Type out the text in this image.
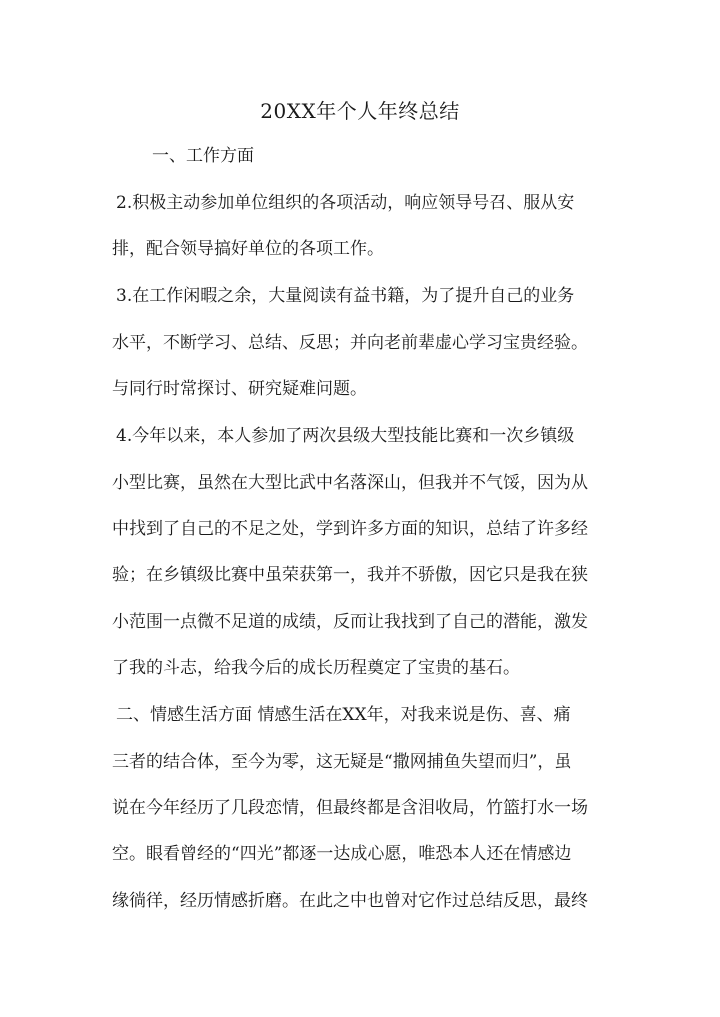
20XX年个人年终总结
一、工作方面
2.积极主动参加单位组织的各项活动，响应领导号召、服从安
排，配合领导搞好单位的各项工作。
3.在工作闲暇之余，大量阅读有益书籍，为了提升自己的业务
水平，不断学习、总结、反思；并向老前辈虚心学习宝贵经验。
与同行时常探讨、研究疑难问题。
4.今年以来，本人参加了两次县级大型技能比赛和一次乡镇级
小型比赛，虽然在大型比武中名落深山，但我并不气馁，因为从
中找到了自己的不足之处，学到许多方面的知识，总结了许多经
验；在乡镇级比赛中虽荣获第一，我并不骄傲，因它只是我在狭
小范围一点微不足道的成绩，反而让我找到了自己的潜能，激发
了我的斗志，给我今后的成长历程奠定了宝贵的基石。
二、情感生活方面 情感生活在XX年，对我来说是伤、喜、痛
三者的结合体，至今为零，这无疑是“撒网捕鱼失望而归”，虽
说在今年经历了几段恋情，但最终都是含泪收局，竹篮打水一场
空。眼看曾经的“四光”都逐一达成心愿，唯恐本人还在情感边
缘徜徉，经历情感折磨。在此之中也曾对它作过总结反思，最终
